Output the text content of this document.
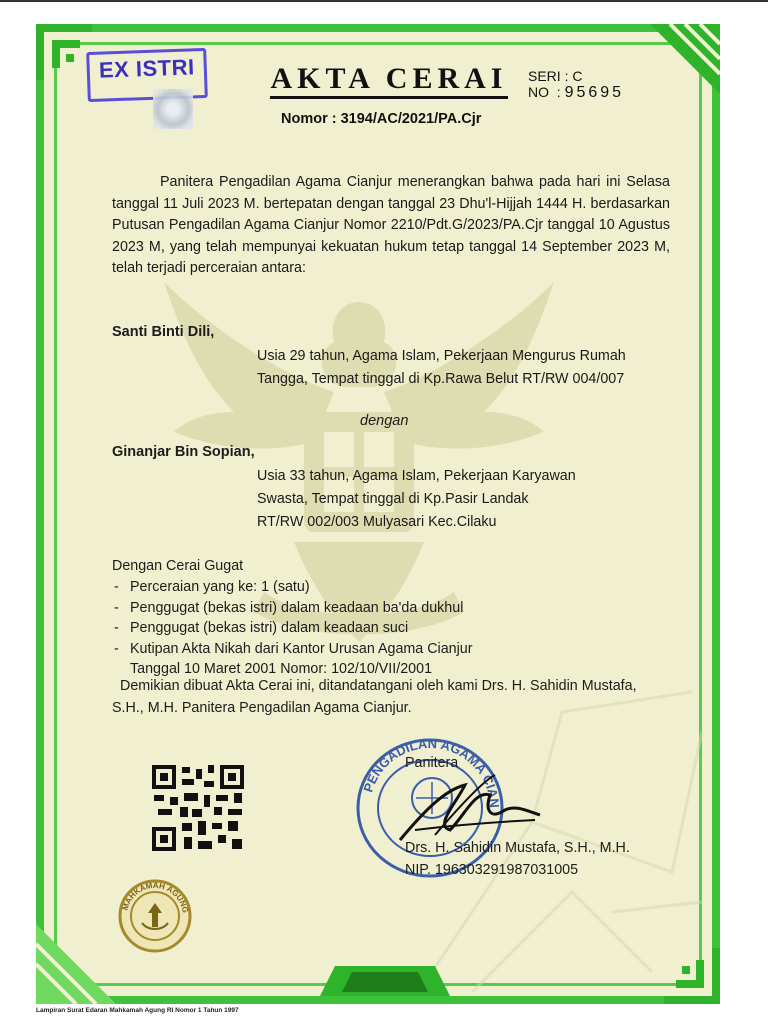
EX ISTRI	AKTA CERAI SERI : C
NO  : 95695
Nomor : 3194/AC/2021/PA.Cjr
Panitera Pengadilan Agama Cianjur menerangkan bahwa pada hari ini Selasa tanggal 11 Juli 2023 M. bertepatan dengan tanggal 23 Dhu'l-Hijjah 1444 H. berdasarkan Putusan Pengadilan Agama Cianjur Nomor 2210/Pdt.G/2023/PA.Cjr tanggal 10 Agustus 2023 M, yang telah mempunyai kekuatan hukum tetap tanggal 14 September 2023 M, telah terjadi perceraian antara:
Santi Binti Dili,
Usia 29 tahun, Agama Islam, Pekerjaan Mengurus Rumah Tangga, Tempat tinggal di Kp.Rawa Belut RT/RW 004/007
dengan
Ginanjar Bin Sopian,
Usia 33 tahun, Agama Islam, Pekerjaan Karyawan
Swasta, Tempat tinggal di Kp.Pasir Landak
RT/RW 002/003 Mulyasari Kec.Cilaku
Dengan Cerai Gugat
- Perceraian yang ke: 1 (satu)
- Penggugat (bekas istri) dalam keadaan ba'da dukhul
- Penggugat (bekas istri) dalam keadaan suci
- Kutipan Akta Nikah dari Kantor Urusan Agama Cianjur
Tanggal 10 Maret 2001 Nomor: 102/10/VII/2001
Demikian dibuat Akta Cerai ini, ditandatangani oleh kami Drs. H. Sahidin Mustafa, S.H., M.H. Panitera Pengadilan Agama Cianjur.
PENGADILAN AGAMA CIAN
Panitera
Drs. H. Sahidin Mustafa, S.H., M.H.
NIP. 196303291987031005
MAHKAMAH AGUNG
Lampiran Surat Edaran Mahkamah Agung RI Nomor 1 Tahun 1997
